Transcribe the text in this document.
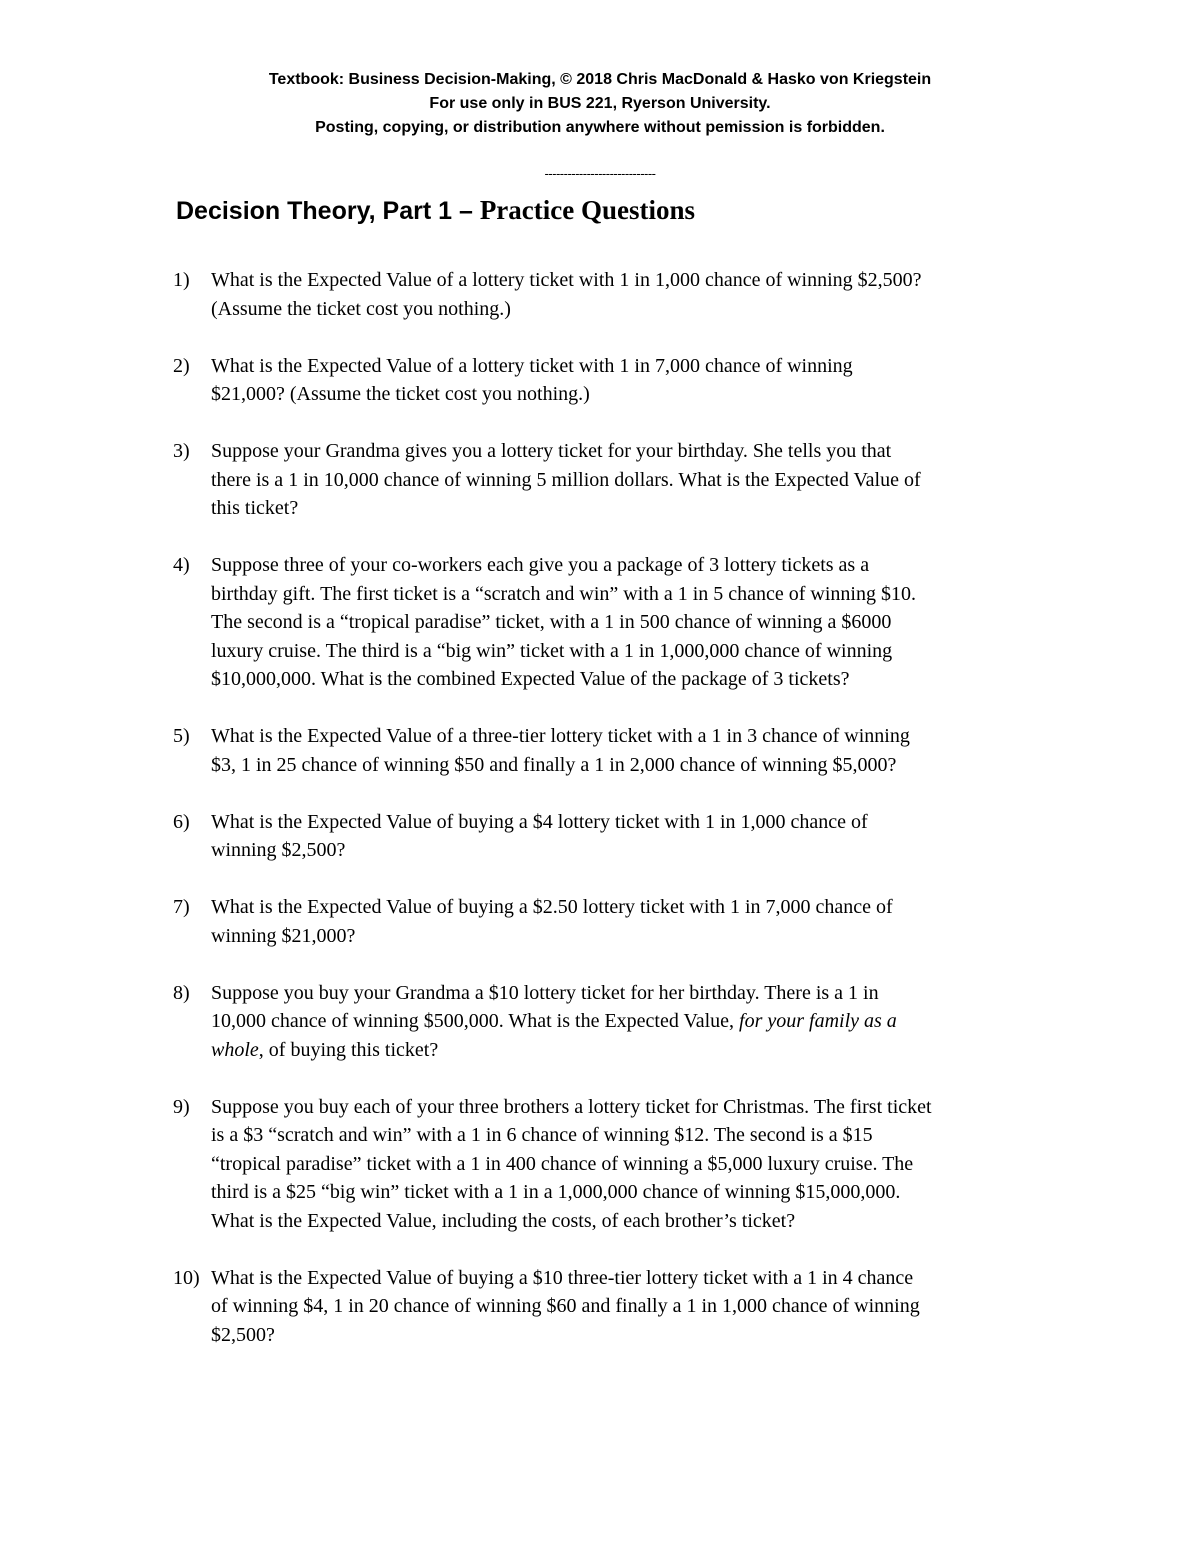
Textbook: Business Decision-Making, © 2018 Chris MacDonald & Hasko von Kriegstein
For use only in BUS 221, Ryerson University.
Posting, copying, or distribution anywhere without pemission is forbidden.
-----------------------------
Decision Theory, Part 1 – Practice Questions
1) What is the Expected Value of a lottery ticket with 1 in 1,000 chance of winning $2,500?
(Assume the ticket cost you nothing.)
2) What is the Expected Value of a lottery ticket with 1 in 7,000 chance of winning
$21,000? (Assume the ticket cost you nothing.)
3) Suppose your Grandma gives you a lottery ticket for your birthday. She tells you that
there is a 1 in 10,000 chance of winning 5 million dollars. What is the Expected Value of
this ticket?
4) Suppose three of your co-workers each give you a package of 3 lottery tickets as a
birthday gift. The first ticket is a “scratch and win” with a 1 in 5 chance of winning $10.
The second is a “tropical paradise” ticket, with a 1 in 500 chance of winning a $6000
luxury cruise. The third is a “big win” ticket with a 1 in 1,000,000 chance of winning
$10,000,000. What is the combined Expected Value of the package of 3 tickets?
5) What is the Expected Value of a three-tier lottery ticket with a 1 in 3 chance of winning
$3, 1 in 25 chance of winning $50 and finally a 1 in 2,000 chance of winning $5,000?
6) What is the Expected Value of buying a $4 lottery ticket with 1 in 1,000 chance of
winning $2,500?
7) What is the Expected Value of buying a $2.50 lottery ticket with 1 in 7,000 chance of
winning $21,000?
8) Suppose you buy your Grandma a $10 lottery ticket for her birthday. There is a 1 in
10,000 chance of winning $500,000. What is the Expected Value, for your family as a
whole, of buying this ticket?
9) Suppose you buy each of your three brothers a lottery ticket for Christmas. The first ticket
is a $3 “scratch and win” with a 1 in 6 chance of winning $12. The second is a $15
“tropical paradise” ticket with a 1 in 400 chance of winning a $5,000 luxury cruise. The
third is a $25 “big win” ticket with a 1 in a 1,000,000 chance of winning $15,000,000.
What is the Expected Value, including the costs, of each brother’s ticket?
10) What is the Expected Value of buying a $10 three-tier lottery ticket with a 1 in 4 chance
of winning $4, 1 in 20 chance of winning $60 and finally a 1 in 1,000 chance of winning
$2,500?
